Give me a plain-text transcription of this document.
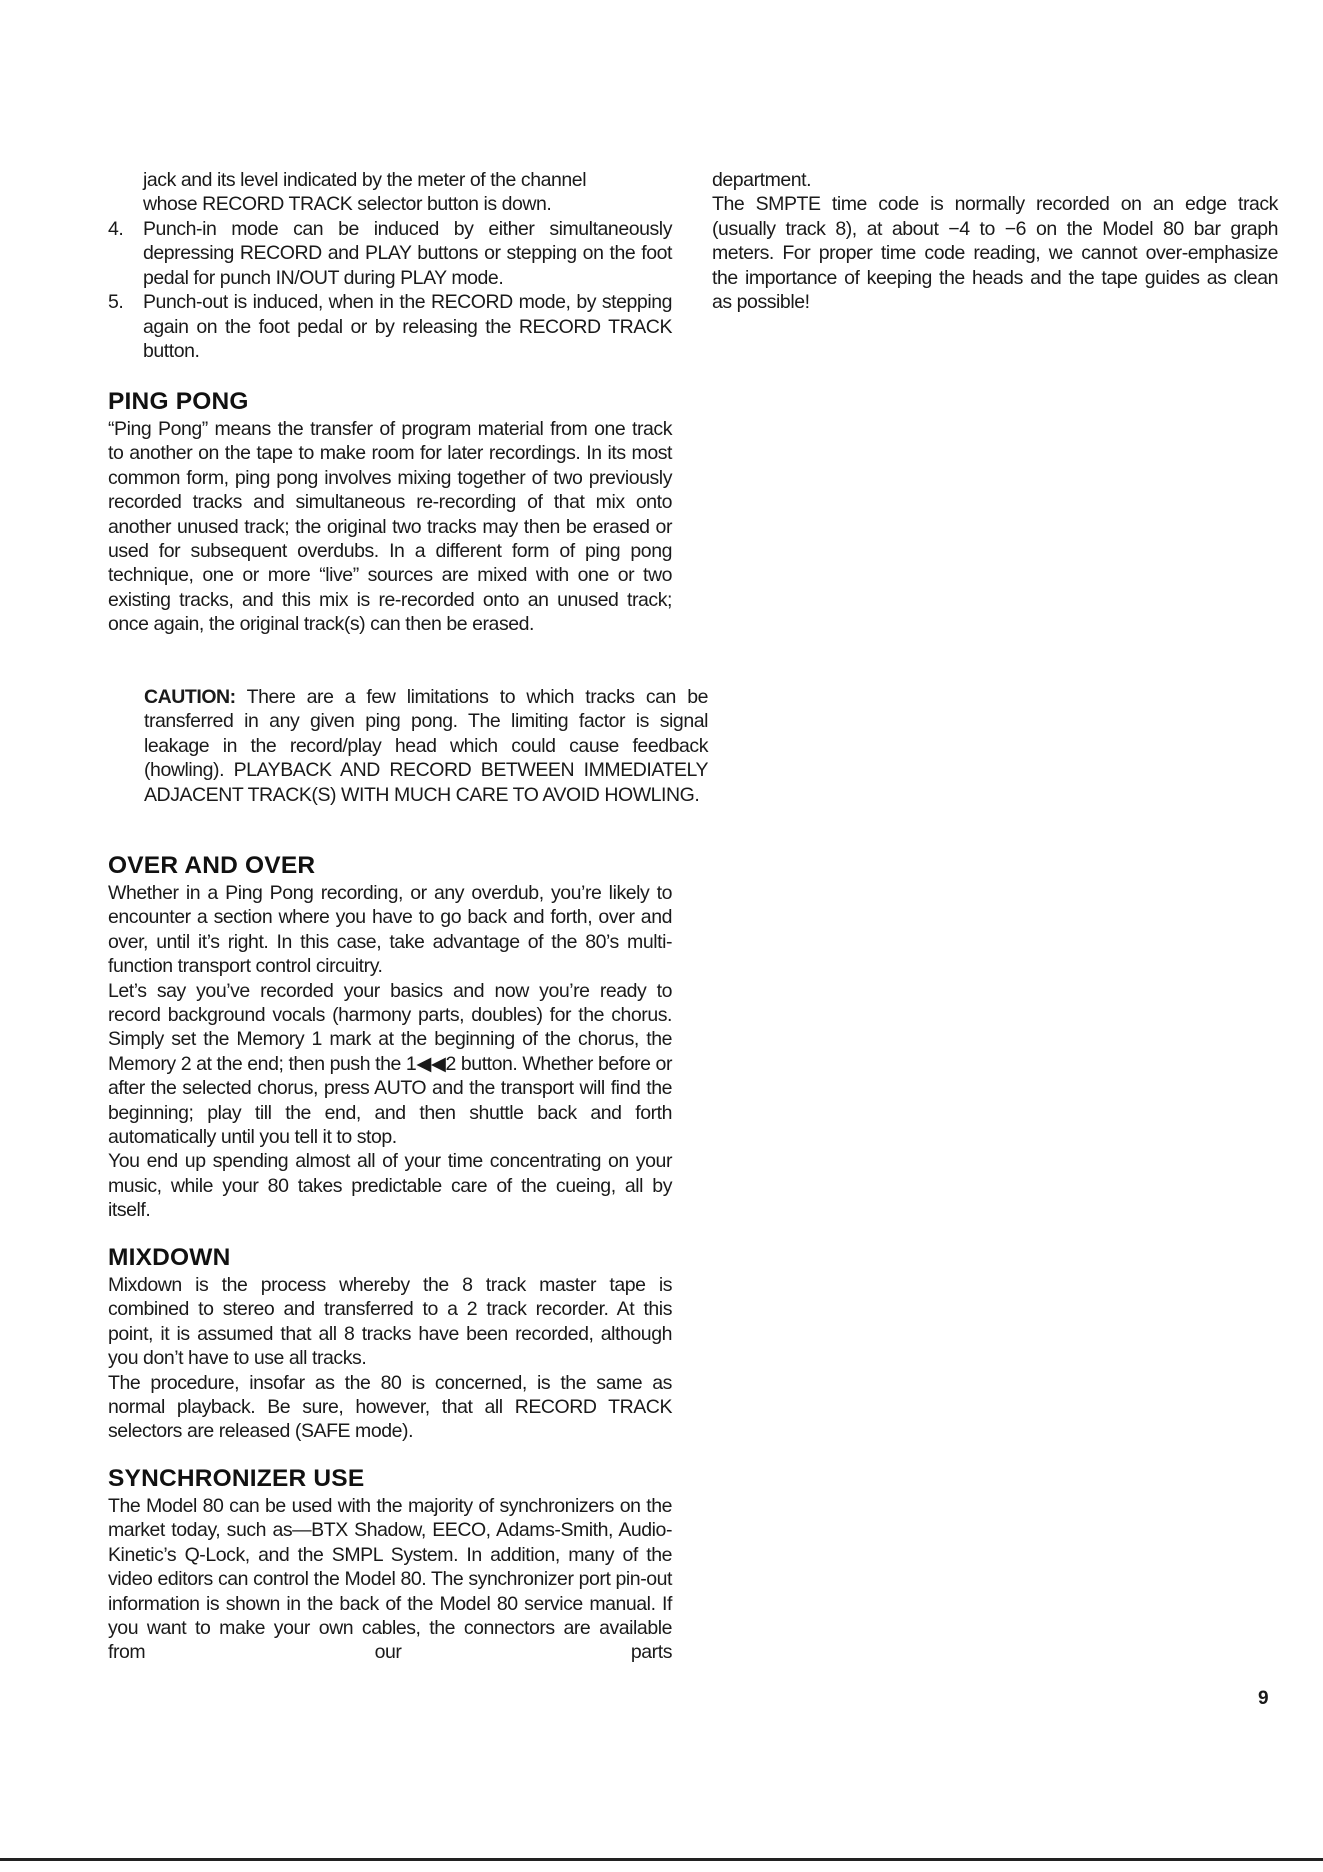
jack and its level indicated by the meter of the channel

whose RECORD TRACK selector button is down.

4. Punch-in mode can be induced by either simultaneously depressing RECORD and PLAY buttons or stepping on the foot pedal for punch IN/OUT during PLAY mode.
5. Punch-out is induced, when in the RECORD mode, by stepping again on the foot pedal or by releasing the RECORD TRACK button.
PING PONG

“Ping Pong” means the transfer of program material from one track to another on the tape to make room for later recordings. In its most common form, ping pong involves mixing together of two previously recorded tracks and simultaneous re-recording of that mix onto another unused track; the original two tracks may then be erased or used for subsequent overdubs. In a different form of ping pong technique, one or more “live” sources are mixed with one or two existing tracks, and this mix is re-recorded onto an unused track; once again, the original track(s) can then be erased.

CAUTION: There are a few limitations to which tracks can be transferred in any given ping pong. The limiting factor is signal leakage in the record/play head which could cause feedback (howling). PLAYBACK AND RECORD BETWEEN IMMEDIATELY ADJACENT TRACK(S) WITH MUCH CARE TO AVOID HOWLING.

OVER AND OVER

Whether in a Ping Pong recording, or any overdub, you’re likely to encounter a section where you have to go back and forth, over and over, until it’s right. In this case, take advantage of the 80’s multi-function transport control circuitry.

Let’s say you’ve recorded your basics and now you’re ready to record background vocals (harmony parts, doubles) for the chorus. Simply set the Memory 1 mark at the beginning of the chorus, the Memory 2 at the end; then push the 1◀◀2 button. Whether before or after the selected chorus, press AUTO and the transport will find the beginning; play till the end, and then shuttle back and forth automatically until you tell it to stop.

You end up spending almost all of your time concentrating on your music, while your 80 takes predictable care of the cueing, all by itself.

MIXDOWN

Mixdown is the process whereby the 8 track master tape is combined to stereo and transferred to a 2 track recorder. At this point, it is assumed that all 8 tracks have been recorded, although you don’t have to use all tracks.

The procedure, insofar as the 80 is concerned, is the same as normal playback. Be sure, however, that all RECORD TRACK selectors are released (SAFE mode).

SYNCHRONIZER USE

The Model 80 can be used with the majority of synchronizers on the market today, such as—BTX Shadow, EECO, Adams-Smith, Audio-Kinetic’s Q-Lock, and the SMPL System. In addition, many of the video editors can control the Model 80. The synchronizer port pin-out information is shown in the back of the Model 80 service manual. If you want to make your own cables, the connectors are available from our parts

department.

The SMPTE time code is normally recorded on an edge track (usually track 8), at about −4 to −6 on the Model 80 bar graph meters. For proper time code reading, we cannot over-emphasize the importance of keeping the heads and the tape guides as clean as possible!

9
